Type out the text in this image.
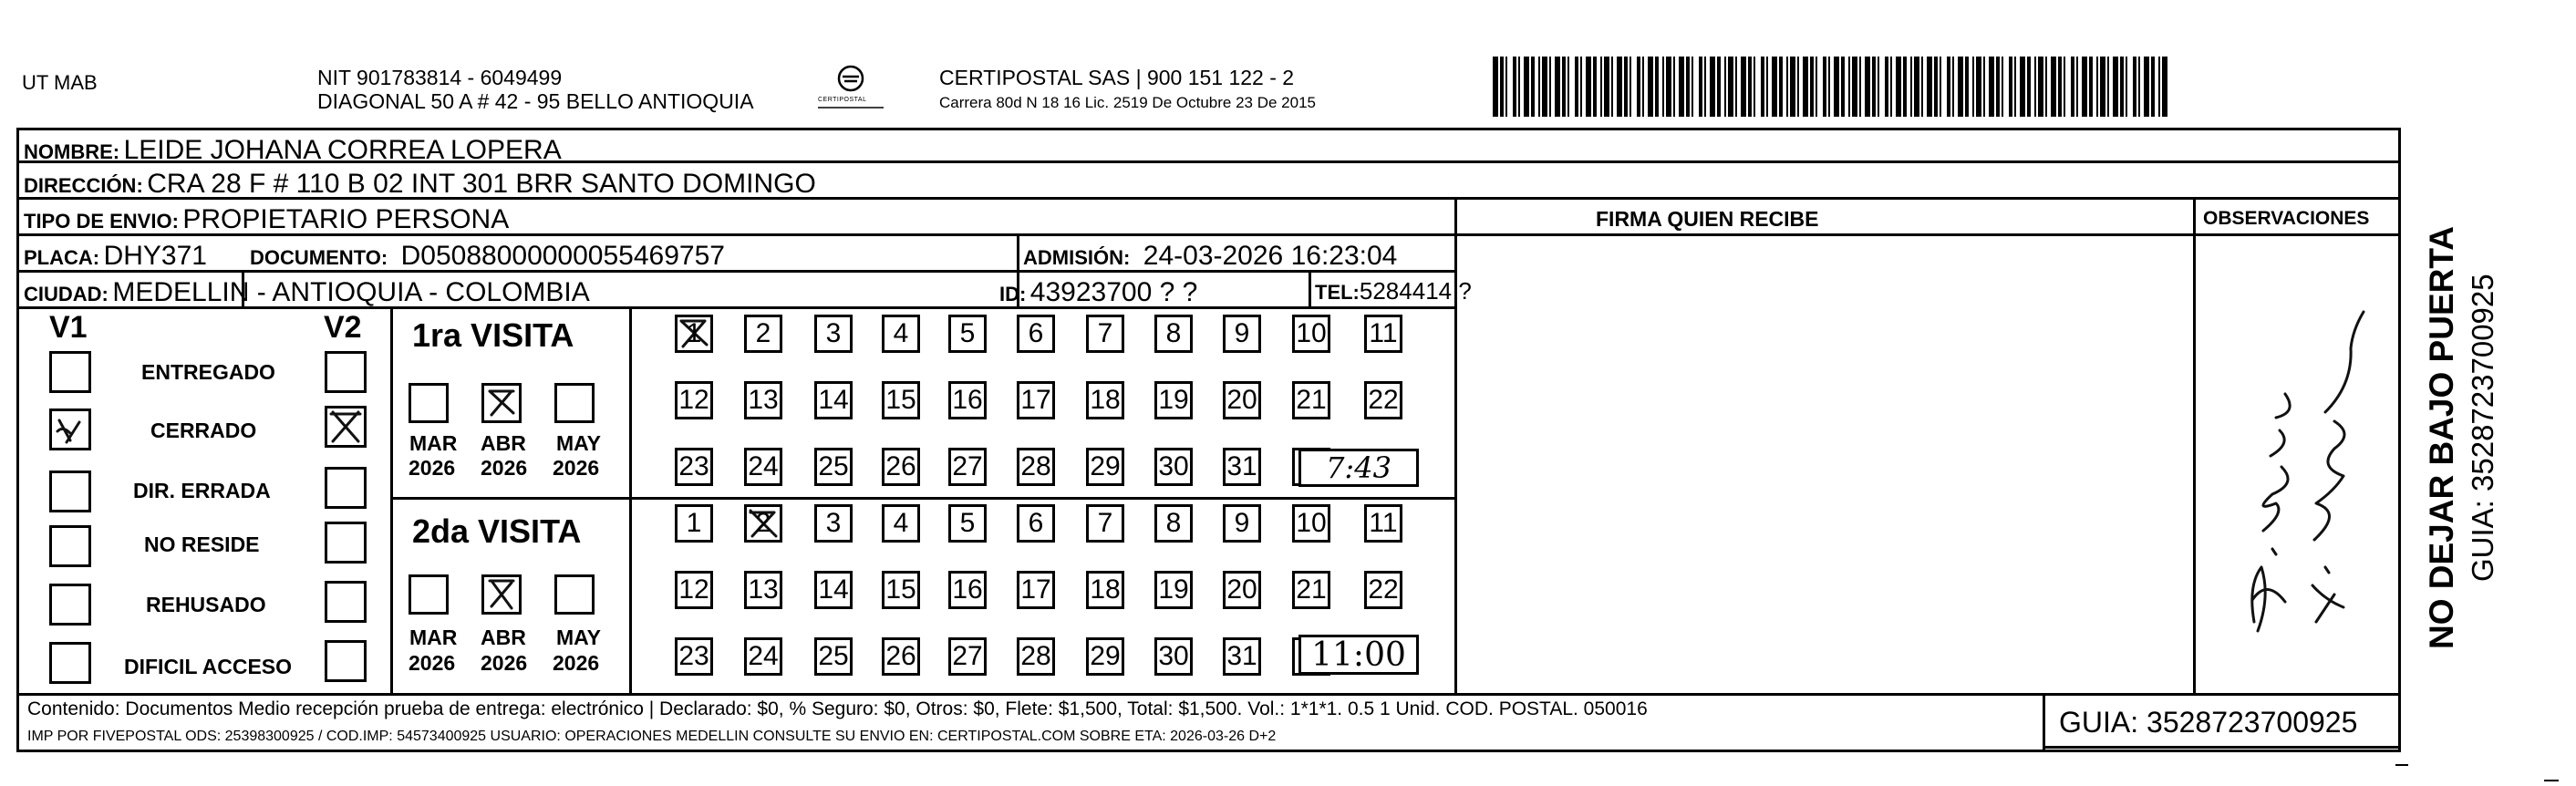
UT MAB	NIT 901783814 - 6049499
DIAGONAL 50 A # 42 - 95 BELLO ANTIOQUIA	CERTIPOSTAL
CERTIPOSTAL SAS | 900 151 122 - 2
Carrera 80d N 18 16 Lic. 2519 De Octubre 23 De 2015
NOMBRE: LEIDE JOHANA CORREA LOPERA
DIRECCIÓN: CRA 28 F # 110 B 02 INT 301 BRR SANTO DOMINGO
TIPO DE ENVIO: PROPIETARIO PERSONA	FIRMA QUIEN RECIBE	OBSERVACIONES
PLACA: DHY371 DOCUMENTO: D05088000000055469757	ADMISIÓN: 24-03-2026 16:23:04
CIUDAD: MEDELLIN - ANTIOQUIA - COLOMBIA	ID: 43923700 ? ?	TEL:5284414 ?
V1	V2
ENTREGADO
CERRADO
DIR. ERRADA
NO RESIDE
REHUSADO
DIFICIL ACCESO
1ra VISITA
MAR
2026
ABR
2026
MAY
2026
1	2	3	4	5	6	7	8	9	10 11
12 13 14 15 16 17 18 19 20 21 22
23 24 25 26 27 28 29 30 31	7:43
2da VISITA
MAR
2026
ABR
2026
MAY
2026
1	2	3	4	5	6	7	8	9	10 11
12 13 14 15 16 17 18 19 20 21 22
23 24 25 26 27 28 29 30 31	11:00
Contenido: Documentos Medio recepción prueba de entrega: electrónico | Declarado: $0, % Seguro: $0, Otros: $0, Flete: $1,500, Total: $1,500. Vol.: 1*1*1. 0.5 1 Unid. COD. POSTAL. 050016
IMP POR FIVEPOSTAL ODS: 25398300925 / COD.IMP: 54573400925 USUARIO: OPERACIONES MEDELLIN CONSULTE SU ENVIO EN: CERTIPOSTAL.COM SOBRE ETA: 2026-03-26 D+2	GUIA: 3528723700925
NO DEJAR BAJO PUERTA GUIA: 3528723700925
